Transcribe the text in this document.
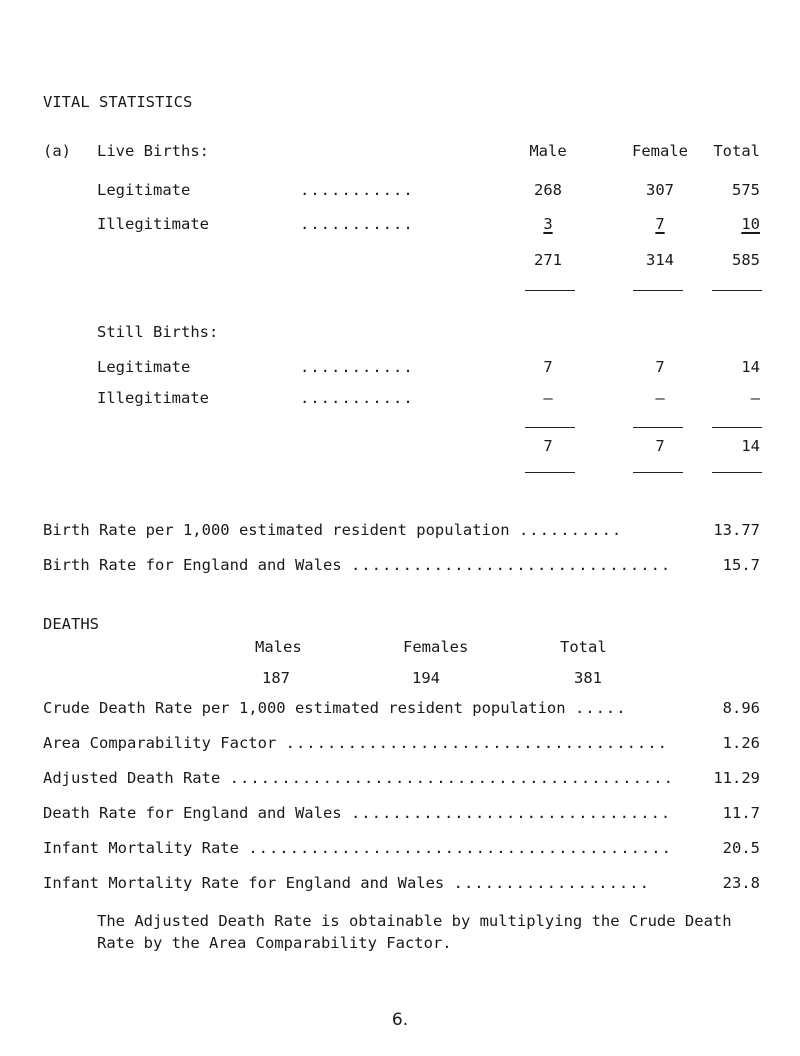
VITAL STATISTICS
(a) Live Births:	Male	Female	Total
Legitimate	...........	268	307	575
Illegitimate	...........	3	7	10
271	314	585
Still Births:
Legitimate	...........	7	7	14
Illegitimate	...........	–	–	–
7	7	14
Birth Rate per 1,000 estimated resident population ..........	13.77
Birth Rate for England and Wales ...............................	15.7
DEATHS
Males	Females	Total
187	194	381
Crude Death Rate per 1,000 estimated resident population .....	8.96
Area Comparability Factor .....................................	1.26
Adjusted Death Rate ...........................................	11.29
Death Rate for England and Wales ...............................	11.7
Infant Mortality Rate .........................................	20.5
Infant Mortality Rate for England and Wales ...................	23.8
The Adjusted Death Rate is obtainable by multiplying the Crude Death Rate by the Area Comparability Factor.
6.
